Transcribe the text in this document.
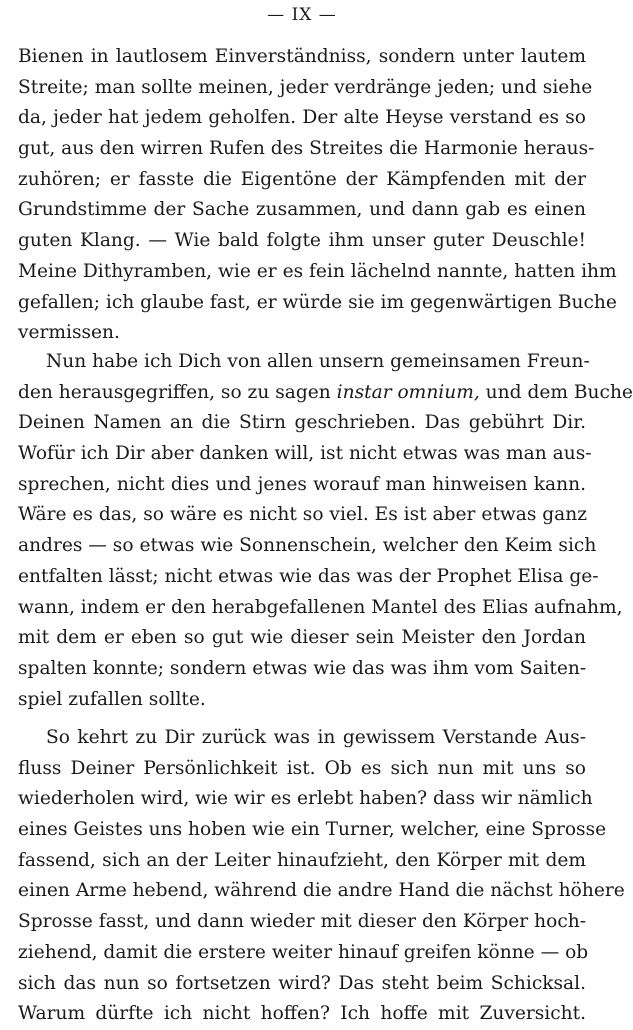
— IX —
Bienen in lautlosem Einverständniss, sondern unter lautem
Streite; man sollte meinen, jeder verdränge jeden; und siehe
da, jeder hat jedem geholfen. Der alte Heyse verstand es so
gut, aus den wirren Rufen des Streites die Harmonie heraus-
zuhören; er fasste die Eigentöne der Kämpfenden mit der
Grundstimme der Sache zusammen, und dann gab es einen
guten Klang. — Wie bald folgte ihm unser guter Deuschle!
Meine Dithyramben, wie er es fein lächelnd nannte, hatten ihm
gefallen; ich glaube fast, er würde sie im gegenwärtigen Buche
vermissen.
Nun habe ich Dich von allen unsern gemeinsamen Freun-
den herausgegriffen, so zu sagen instar omnium, und dem Buche
Deinen Namen an die Stirn geschrieben. Das gebührt Dir.
Wofür ich Dir aber danken will, ist nicht etwas was man aus-
sprechen, nicht dies und jenes worauf man hinweisen kann.
Wäre es das, so wäre es nicht so viel. Es ist aber etwas ganz
andres — so etwas wie Sonnenschein, welcher den Keim sich
entfalten lässt; nicht etwas wie das was der Prophet Elisa ge-
wann, indem er den herabgefallenen Mantel des Elias aufnahm,
mit dem er eben so gut wie dieser sein Meister den Jordan
spalten konnte; sondern etwas wie das was ihm vom Saiten-
spiel zufallen sollte.
So kehrt zu Dir zurück was in gewissem Verstande Aus-
fluss Deiner Persönlichkeit ist. Ob es sich nun mit uns so
wiederholen wird, wie wir es erlebt haben? dass wir nämlich
eines Geistes uns hoben wie ein Turner, welcher, eine Sprosse
fassend, sich an der Leiter hinaufzieht, den Körper mit dem
einen Arme hebend, während die andre Hand die nächst höhere
Sprosse fasst, und dann wieder mit dieser den Körper hoch-
ziehend, damit die erstere weiter hinauf greifen könne — ob
sich das nun so fortsetzen wird? Das steht beim Schicksal.
Warum dürfte ich nicht hoffen? Ich hoffe mit Zuversicht.
